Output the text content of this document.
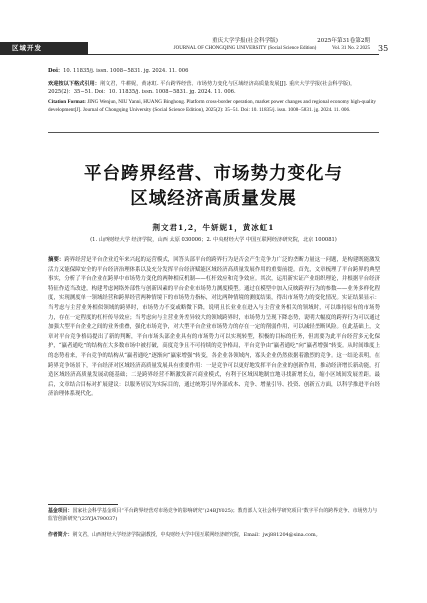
区域开发
重庆大学学报(社会科学版)
JOURNAL OF CHONGQING UNIVERSITY (Social Science Edition)
2025年第31卷第2期
Vol. 31 No. 2 2025 35
Doi：10. 11835/j. issn. 1008−5831. jg. 2024. 11. 006
欢迎按以下格式引用：荆文君，牛耕妮，黄冰虹. 平台跨界经营、市场势力变化与区域经济高质量发展[J]. 重庆大学学报(社会科学版)，2025(2)：35−51. Doi：10. 11835/j. issn. 1008−5831. jg. 2024. 11. 006.
Citation Format: JING Wenjun, NIU Yanni, HUANG Binghong. Platform cross-border operation, market power changes and regional economy high-quality development[J]. Journal of Chongqing University (Social Science Edition), 2025(2): 35−51. Doi: 10. 11835/j. issn. 1008−5831. jg. 2024. 11. 006.
平台跨界经营、市场势力变化与
区域经济高质量发展
荆文君1,2，牛妍妮1，黄冰虹1
(1. 山西财经大学 经济学院，山西 太原 030006；2. 中央财经大学 中国互联网经济研究院，北京 100081)
摘要：跨界经营是平台企业近年来兴起的运营模式，回答头部平台的跨界行为是否会产生竞争力广泛的垄断力量这一问题，是构建既能激发活力又能保障安全的平台经济治理体系以及充分发挥平台经济赋能区域经济高质量发展作用的重要前提。首先，文章梳理了平台跨界的典型事实，分析了平台企业在跨界中市场势力变化的两种相反机制——杠杆效应和竞争效应。其次，运用新实证产业组织理论，并根据平台经济特征作适当改进，构建考虑网络外部性与创新因素的平台企业市场势力测度模型。通过在模型中加入反映跨界行为的参数——业务多样化程度，实现测度单一领域经营和跨界经营两种情境下的市场势力指标，对比两种情境的测度结果，得出市场势力的变化情况。实证结果显示：当考虑与主营业务相似领域的跨界时，市场势力不变或略微下降，说明且长业业在进入与主营业务相关的领域时，可以维持原有的市场势力，存在一定程度的杠杆传导效应；当考虑向与主营业务差异较大的领域跨界时，市场势力呈现下降态势，说明大幅度的跨界行为可以通过加强大型平台企业之间的业务重叠，强化市场竞争，对大型平台企业市场势力的存在一定的削弱作用，可以减轻垄断风险。在此基础上，文章对平台竞争格局提出了新的判断，平台市场头部企业具有的市场势力可以实现转型，积极的目标的任务，但需要为此平台经营多元化保护，“赢者通吃”的结构在大多数市场中被打破，高度竞争且不可持续的竞争格局，平台竞争由“赢者通吃”向“赢者增强”转变。从时间维度上的态势看来，平台竞争的结构从“赢者通吃”逐渐向“赢家增强”转变，各企业各领域内，寡头企业仍然依据着激烈的竞争。这一结论表明，在跨界竞争场景下，平台经济对区域经济高质量发展具有重要作用：一是竞争可以更好地发挥平台企业的创新作用，推动经济增长新动能，打造区域经济高质量发展动能基础；二是跨界经营不断激发新兴商业模式，有利于区域因地制宜地寻找新增长点，缩小区域间发展差距。最后，文章结合目标对扩展建议：以服务居民为实际目的，通过统筹引导外部成本、竞争、增量引导、投资、创新五方面，以科学推进平台经济治理体系现代化。
基金项目：国家社会科学基金项目“平台跨界经营对市场竞争的影响研究”(24BJY025)；教育部人文社会科学研究项目“数字平台的跨界竞争、市场势力与监管创新研究”(23YJA790037)
作者简介：荆文君，山西财经大学经济学院副教授，中央财经大学中国互联网经济研究院，Email：jwj881204@sina.com。
